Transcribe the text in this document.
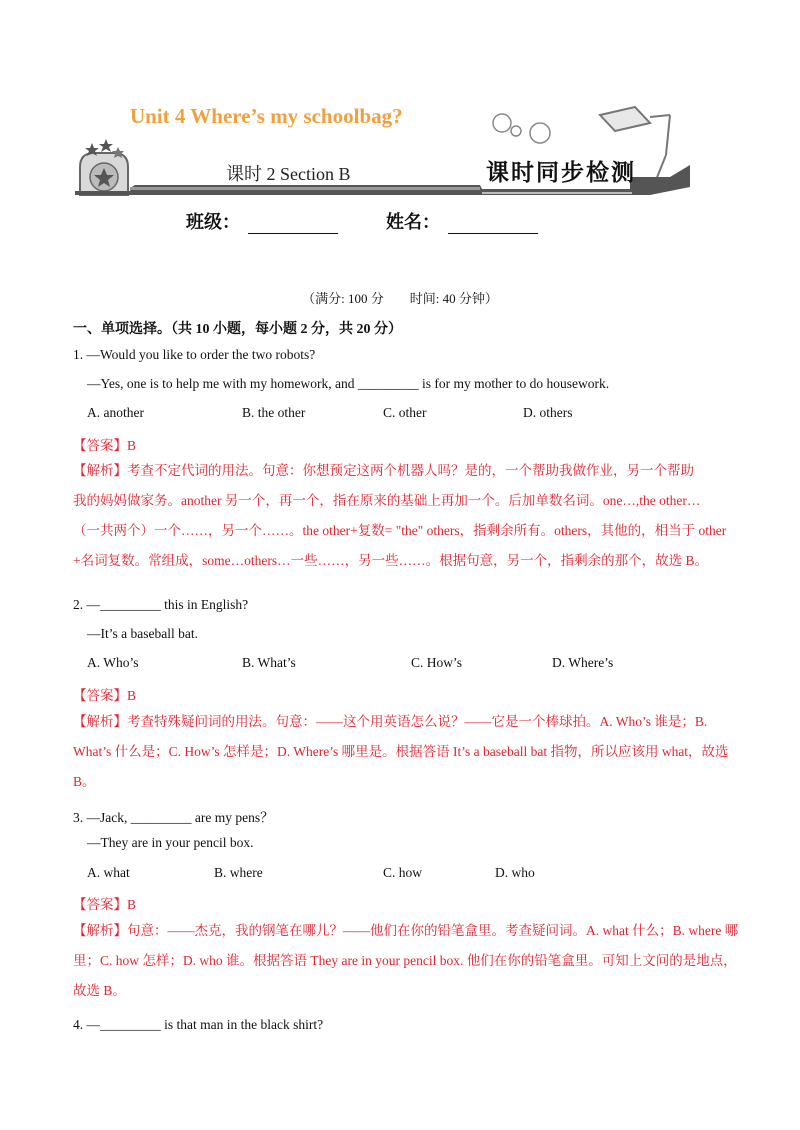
Unit 4 Where’s my schoolbag?
课时 2 Section B	课时同步检测
班级：	姓名：
（满分: 100 分　　时间: 40 分钟）
一、单项选择。（共 10 小题，每小题 2 分，共 20 分）
1. —Would you like to order the two robots?
—Yes, one is to help me with my homework, and _________ is for my mother to do housework.
A. another	B. the other	C. other	D. others
【答案】B
【解析】考查不定代词的用法。句意：你想预定这两个机器人吗？是的，一个帮助我做作业，另一个帮助
我的妈妈做家务。another 另一个，再一个，指在原来的基础上再加一个。后加单数名词。one…,the other…
（一共两个）一个……，另一个……。the other+复数= "the" others，指剩余所有。others，其他的，相当于 other
+名词复数。常组成，some…others…一些……，另一些……。根据句意，另一个，指剩余的那个，故选 B。
2. —_________ this in English?
—It’s a baseball bat.
A. Who’s	B. What’s	C. How’s	D. Where’s
【答案】B
【解析】考查特殊疑问词的用法。句意：——这个用英语怎么说？——它是一个棒球拍。A. Who’s 谁是；B.
What’s 什么是；C. How’s 怎样是；D. Where’s 哪里是。根据答语 It’s a baseball bat 指物，所以应该用 what，故选
B。
3. —Jack, _________ are my pens？
—They are in your pencil box.
A. what	B. where	C. how	D. who
【答案】B
【解析】句意：——杰克，我的钢笔在哪儿？——他们在你的铅笔盒里。考查疑问词。A. what 什么；B. where 哪
里；C. how 怎样；D. who 谁。根据答语 They are in your pencil box. 他们在你的铅笔盒里。可知上文问的是地点，
故选 B。
4. —_________ is that man in the black shirt?
